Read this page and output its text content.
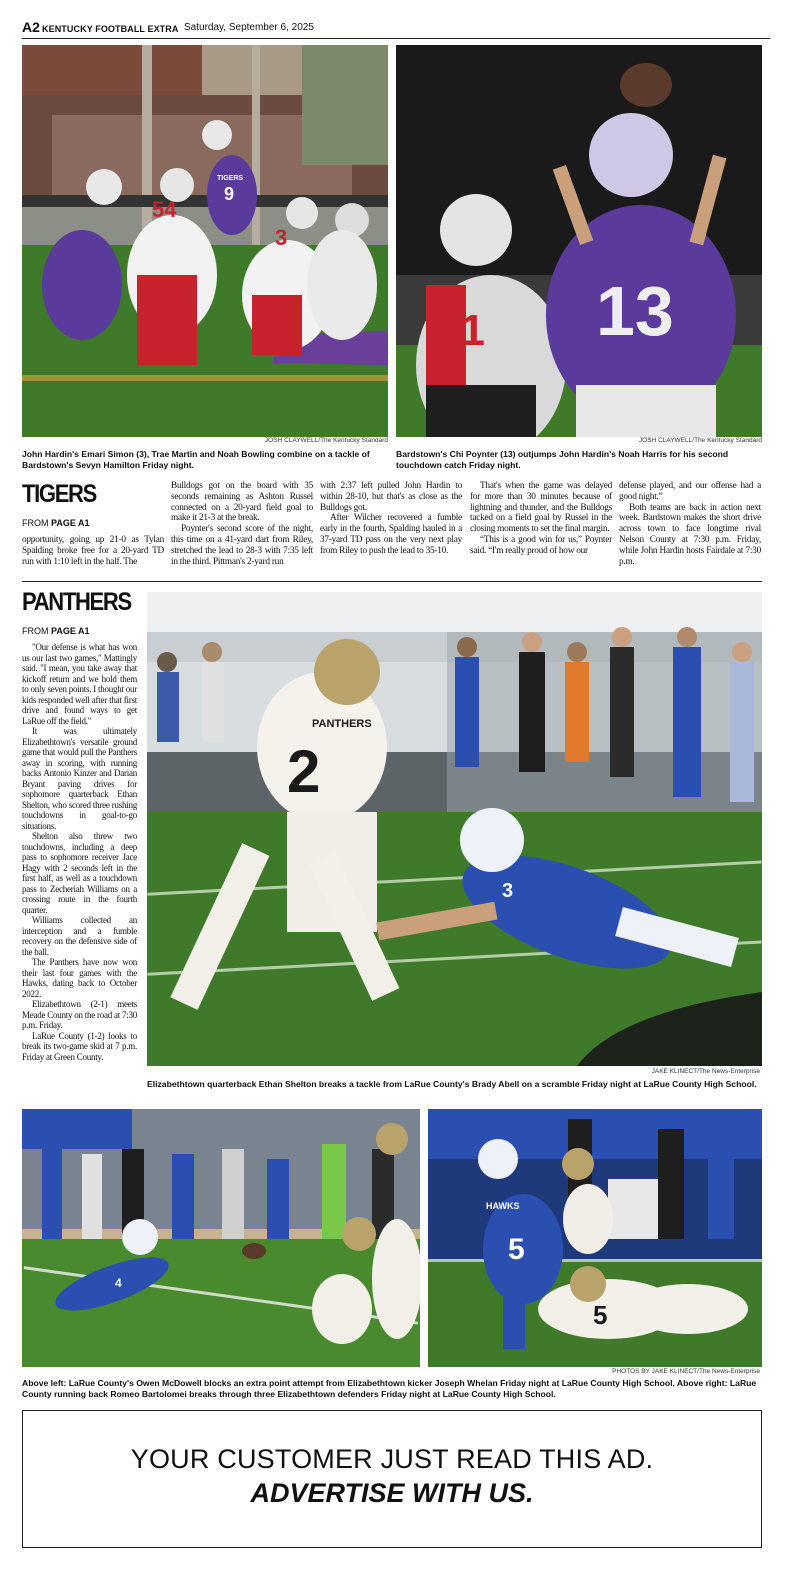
A2 KENTUCKY FOOTBALL EXTRA Saturday, September 6, 2025
9
54
3
TIGERS
JOSH CLAYWELL/The Kentucky Standard
John Hardin's Emari Simon (3), Trae Martin and Noah Bowling combine on a tackle of Bardstown's Sevyn Hamilton Friday night.
21 13
JOSH CLAYWELL/The Kentucky Standard
Bardstown's Chi Poynter (13) outjumps John Hardin's Noah Harris for his second touchdown catch Friday night.
TIGERS
FROM PAGE A1

opportunity, going up 21-0 as Tylan Spalding broke free for a 20-yard TD run with 1:10 left in the half. The

Bulldogs got on the board with 35 seconds remaining as Ashton Russel connected on a 20-yard field goal to make it 21-3 at the break.

Poynter's second score of the night, this time on a 41-yard dart from Riley, stretched the lead to 28-3 with 7:35 left in the third. Pittman's 2-yard run

with 2:37 left pulled John Hardin to within 28-10, but that's as close as the Bulldogs got.

After Wilcher recovered a fumble early in the fourth, Spalding hauled in a 37-yard TD pass on the very next play from Riley to push the lead to 35-10.

That's when the game was delayed for more than 30 minutes because of lightning and thunder, and the Bulldogs tacked on a field goal by Russel in the closing moments to set the final margin.

“This is a good win for us,” Poynter said. “I'm really proud of how our

defense played, and our offense had a good night.”

Both teams are back in action next week. Bardstown makes the short drive across town to face longtime rival Nelson County at 7:30 p.m. Friday, while John Hardin hosts Fairdale at 7:30 p.m.

PANTHERS
FROM PAGE A1

"Our defense is what has won us our last two games," Mattingly said. "I mean, you take away that kickoff return and we hold them to only seven points. I thought our kids responded well after that first drive and found ways to get LaRue off the field."

It was ultimately Elizabethtown's versatile ground game that would pull the Panthers away in scoring, with running backs Antonio Kinzer and Darian Bryant paving drives for sophomore quarterback Ethan Shelton, who scored three rushing touchdowns in goal-to-go situations.

Shelton also threw two touchdowns, including a deep pass to sophomore receiver Jace Hagy with 2 seconds left in the first half, as well as a touchdown pass to Zecheriah Williams on a crossing route in the fourth quarter.

Williams collected an interception and a fumble recovery on the defensive side of the ball.

The Panthers have now won their last four games with the Hawks, dating back to October 2022.

Elizabethtown (2-1) meets Meade County on the road at 7:30 p.m. Friday.

LaRue County (1-2) looks to break its two-game skid at 7 p.m. Friday at Green County.

2
PANTHERS
3
JAKE KLINECT/The News-Enterprise
Elizabethtown quarterback Ethan Shelton breaks a tackle from LaRue County's Brady Abell on a scramble Friday night at LaRue County High School.
4
5
HAWKS
5
PHOTOS BY JAKE KLINECT/The News-Enterprise
Above left: LaRue County's Owen McDowell blocks an extra point attempt from Elizabethtown kicker Joseph Whelan Friday night at LaRue County High School. Above right: LaRue County running back Romeo Bartolomei breaks through three Elizabethtown defenders Friday night at LaRue County High School.
YOUR CUSTOMER JUST READ THIS AD.
ADVERTISE WITH US.
